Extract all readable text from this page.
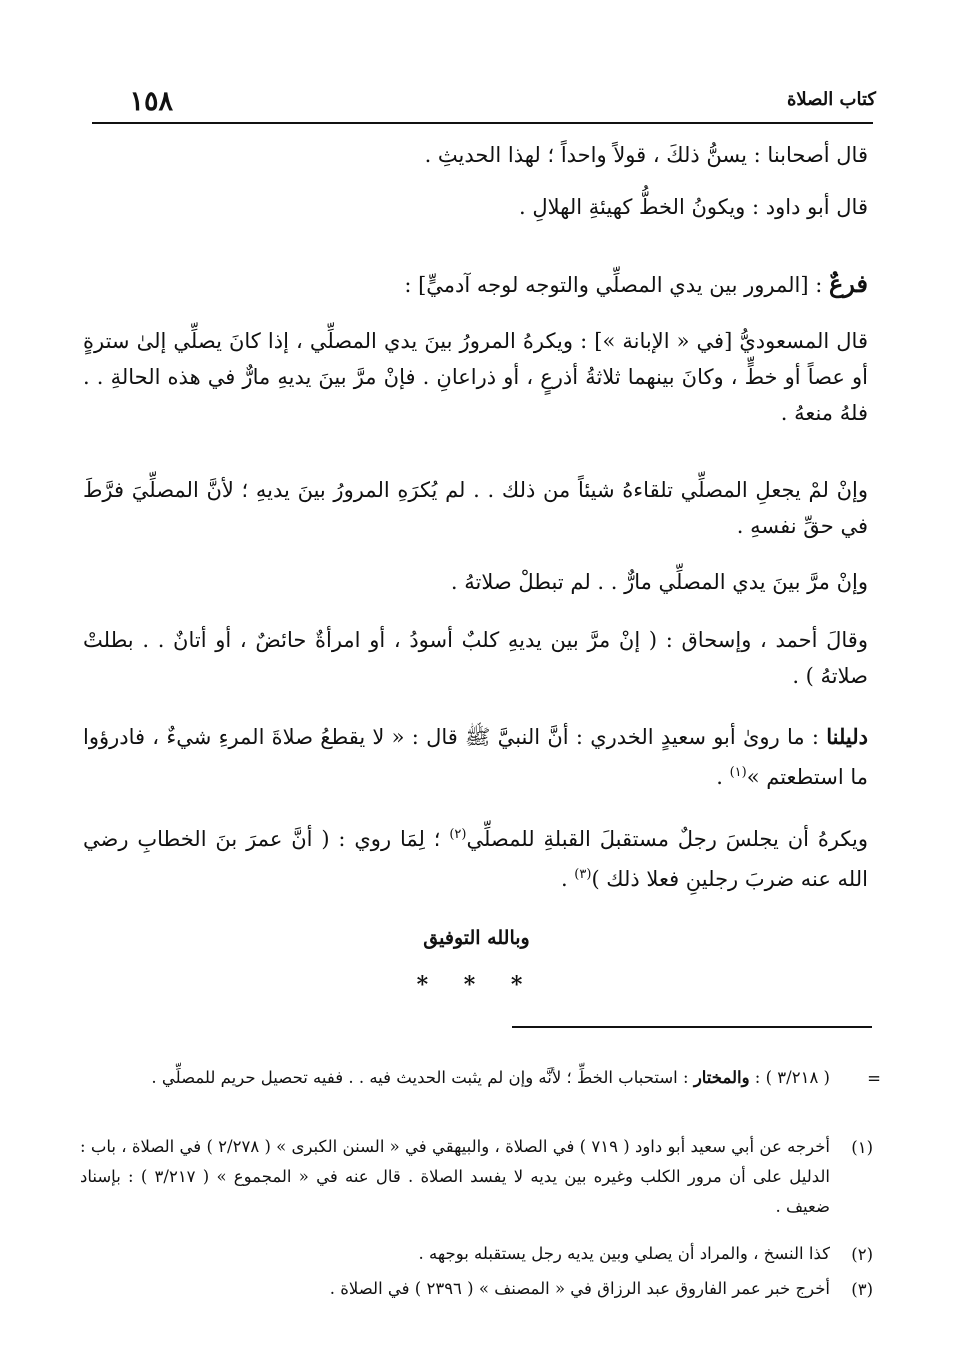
١٥٨	كتاب الصلاة
قال أصحابنا : يسنُّ ذلكَ ، قولاً واحداً ؛ لهذا الحديثِ .
قال أبو داود : ويكونُ الخطُّ كهيئةِ الهلالِ .
فرعٌ : [المرور بين يدي المصلِّي والتوجه لوجه آدميٍّ] :
قال المسعوديُّ [في « الإبانة »] : ويكرهُ المرورُ بينَ يدي المصلِّي ، إذا كانَ يصلِّي إلىٰ سترةٍ أو عصاً أو خطٍّ ، وكانَ بينهما ثلاثةُ أذرعٍ ، أو ذراعانِ . فإنْ مرَّ بينَ يديهِ مارٌّ في هذه الحالةِ . . فلهُ منعهُ .
وإنْ لمْ يجعلِ المصلِّي تلقاءهُ شيئاً من ذلك . . لم يُكرَهِ المرورُ بينَ يديهِ ؛ لأنَّ المصلِّيَ فرَّطَ في حقِّ نفسهِ .
وإنْ مرَّ بينَ يدي المصلِّي مارٌّ . . لم تبطلْ صلاتهُ .
وقالَ أحمد ، وإسحاق : ( إنْ مرَّ بين يديهِ كلبٌ أسودُ ، أو امرأةٌ حائضٌ ، أو أتانٌ . . بطلتْ صلاتهُ ) .
دليلنا : ما روىٰ أبو سعيدٍ الخدري : أنَّ النبيَّ ﷺ قال : « لا يقطعُ صلاةَ المرءِ شيءٌ ، فادرؤوا ما استطعتم »$^{(١)}$ .
ويكرهُ أن يجلسَ رجلٌ مستقبلَ القبلةِ للمصلِّي$^{(٢)}$ ؛ لِمَا روي : ( أنَّ عمرَ بنَ الخطابِ رضي الله عنه ضربَ رجلينِ فعلا ذلك )$^{(٣)}$ .
وبالله التوفيق
* * *
=
( ٣/٢١٨ ) : والمختار : استحباب الخطِّ ؛ لأنَّه وإن لم يثبت الحديث فيه . . ففيه تحصيل حريم للمصلِّي .
(١)
أخرجه عن أبي سعيد أبو داود ( ٧١٩ ) في الصلاة ، والبيهقي في « السنن الكبرى » ( ٢/٢٧٨ ) في الصلاة ، باب : الدليل على أن مرور الكلب وغيره بين يديه لا يفسد الصلاة . قال عنه في « المجموع » ( ٣/٢١٧ ) : بإسناد ضعيف .
(٢)
كذا النسخ ، والمراد أن يصلي وبين يديه رجل يستقبله بوجهه .
(٣)
أخرج خبر عمر الفاروق عبد الرزاق في « المصنف » ( ٢٣٩٦ ) في الصلاة .
